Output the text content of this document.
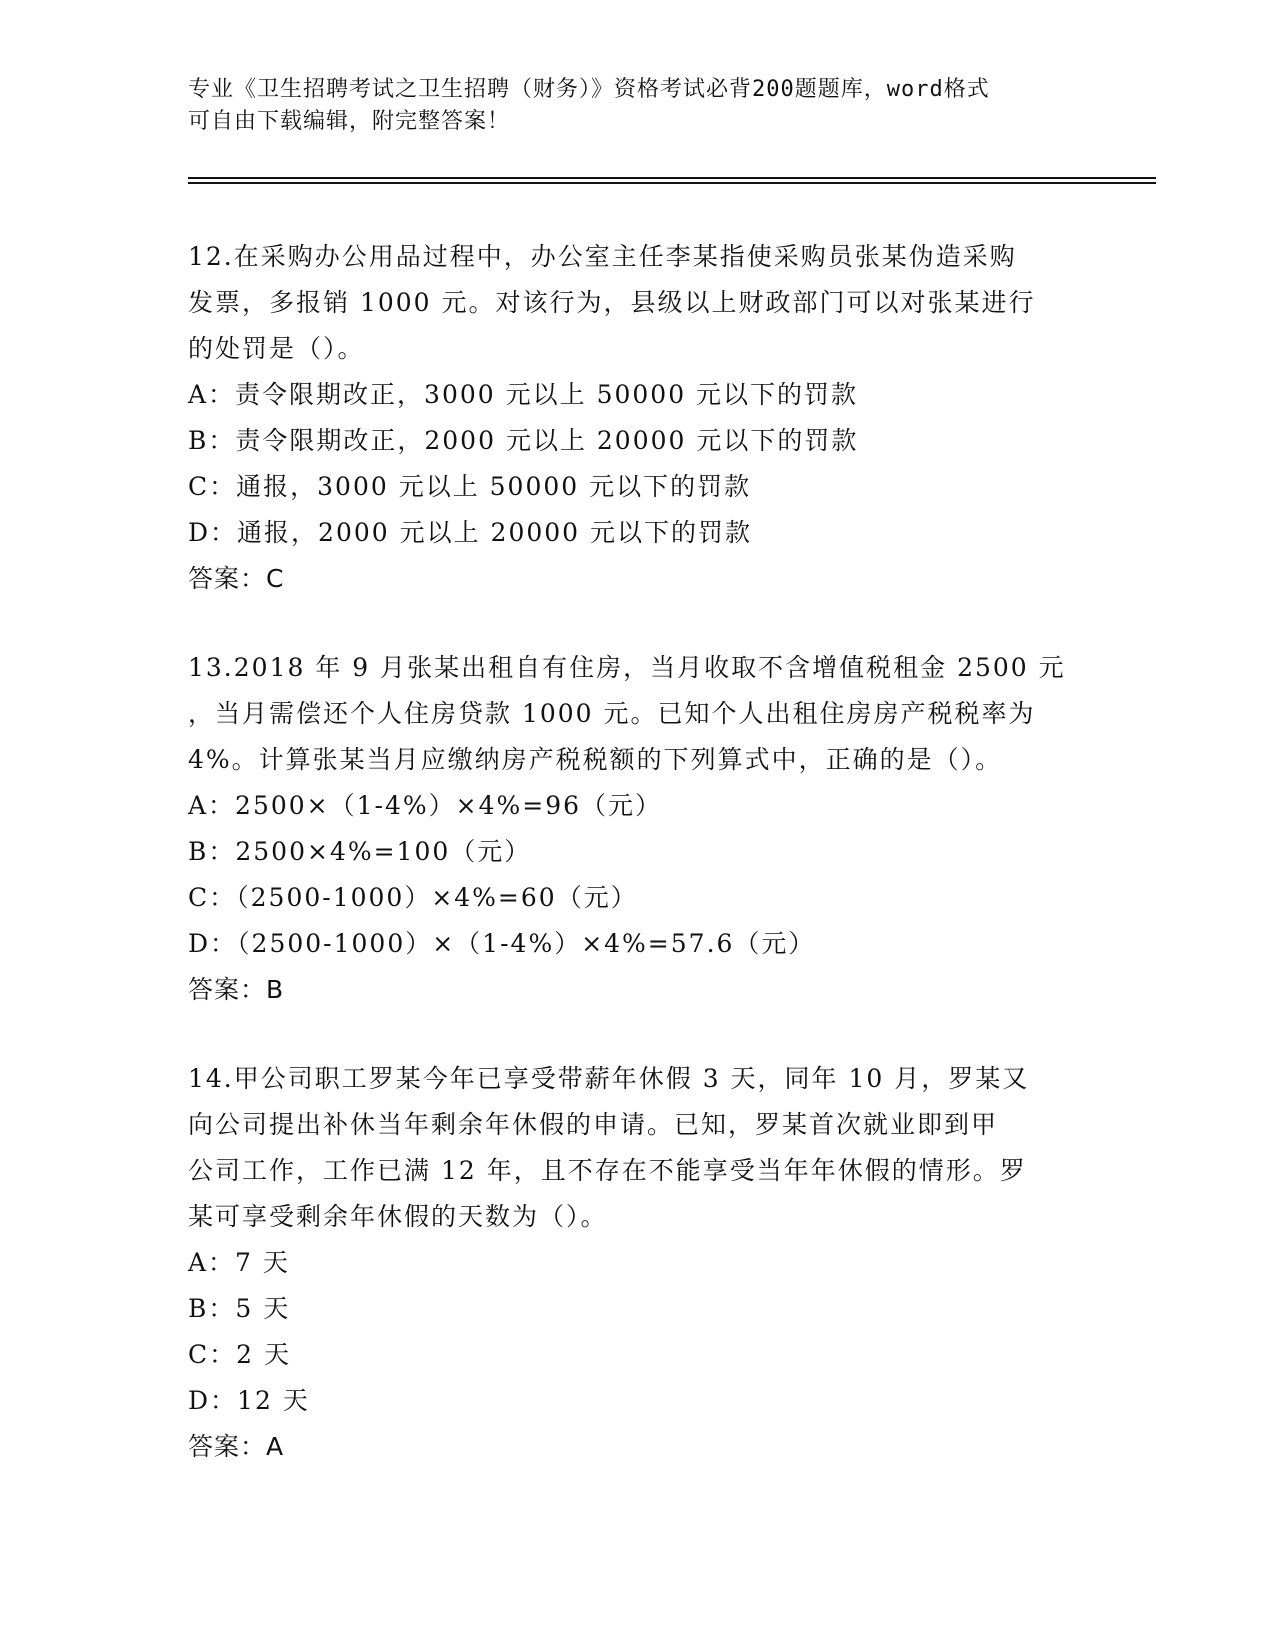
专业《卫生招聘考试之卫生招聘（财务）》资格考试必背200题题库，word格式
可自由下载编辑，附完整答案！
12.在采购办公用品过程中，办公室主任李某指使采购员张某伪造采购
发票，多报销 1000 元。对该行为，县级以上财政部门可以对张某进行
的处罚是（）。
A：责令限期改正，3000 元以上 50000 元以下的罚款
B：责令限期改正，2000 元以上 20000 元以下的罚款
C：通报，3000 元以上 50000 元以下的罚款
D：通报，2000 元以上 20000 元以下的罚款
答案：C
13.2018 年 9 月张某出租自有住房，当月收取不含增值税租金 2500 元
，当月需偿还个人住房贷款 1000 元。已知个人出租住房房产税税率为
4%。计算张某当月应缴纳房产税税额的下列算式中，正确的是（）。
A：2500×（1-4%）×4%=96（元）
B：2500×4%=100（元）
C：（2500-1000）×4%=60（元）
D：（2500-1000）×（1-4%）×4%=57.6（元）
答案：B
14.甲公司职工罗某今年已享受带薪年休假 3 天，同年 10 月，罗某又
向公司提出补休当年剩余年休假的申请。已知，罗某首次就业即到甲
公司工作，工作已满 12 年，且不存在不能享受当年年休假的情形。罗
某可享受剩余年休假的天数为（）。
A：7 天
B：5 天
C：2 天
D：12 天
答案：A
